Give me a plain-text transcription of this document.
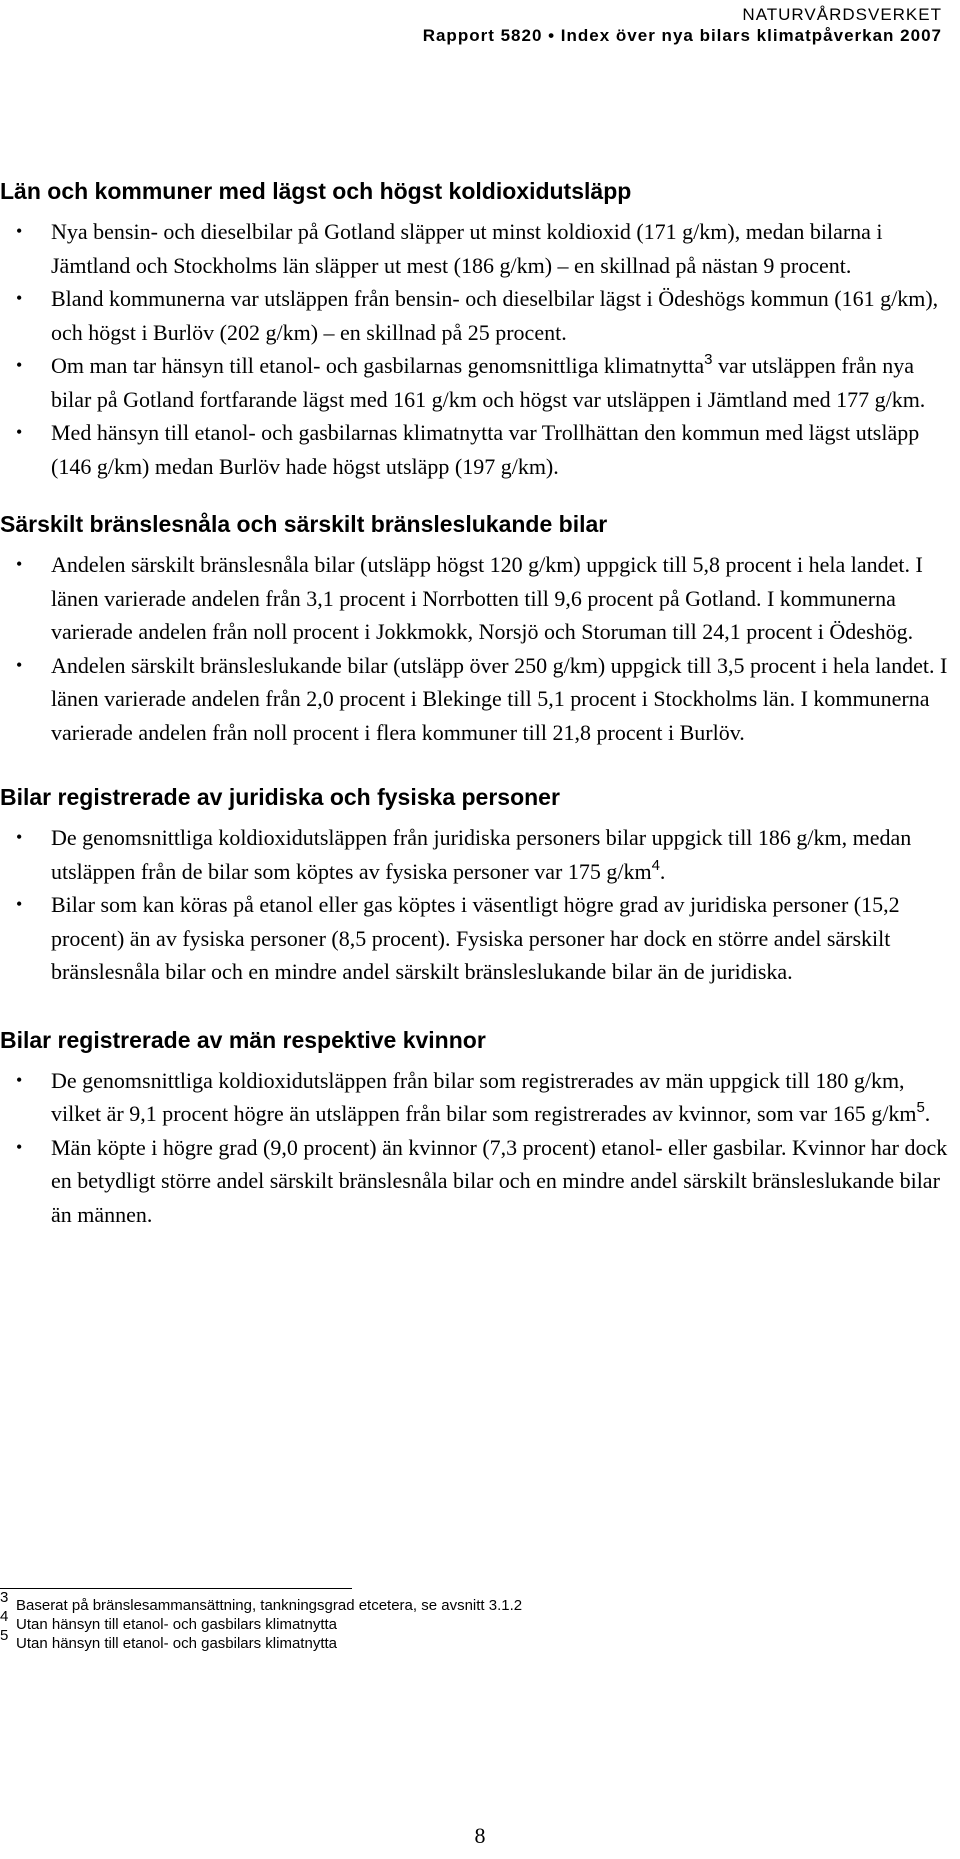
NATURVÅRDSVERKET
Rapport 5820 • Index över nya bilars klimatpåverkan 2007
Län och kommuner med lägst och högst koldioxidutsläpp
• Nya bensin- och dieselbilar på Gotland släpper ut minst koldioxid (171 g/km), medan bilarna i Jämtland och Stockholms län släpper ut mest (186 g/km) – en skillnad på nästan 9 procent.
• Bland kommunerna var utsläppen från bensin- och dieselbilar lägst i Ödeshögs kommun (161 g/km), och högst i Burlöv (202 g/km) – en skillnad på 25 procent.
• Om man tar hänsyn till etanol- och gasbilarnas genomsnittliga klimatnytta$^3$ var utsläppen från nya bilar på Gotland fortfarande lägst med 161 g/km och högst var utsläppen i Jämtland med 177 g/km.
• Med hänsyn till etanol- och gasbilarnas klimatnytta var Trollhättan den kommun med lägst utsläpp (146 g/km) medan Burlöv hade högst utsläpp (197 g/km).
Särskilt bränslesnåla och särskilt bränsleslukande bilar
• Andelen särskilt bränslesnåla bilar (utsläpp högst 120 g/km) uppgick till 5,8 procent i hela landet. I länen varierade andelen från 3,1 procent i Norrbotten till 9,6 procent på Gotland. I kommunerna varierade andelen från noll procent i Jokkmokk, Norsjö och Storuman till 24,1 procent i Ödeshög.
• Andelen särskilt bränsleslukande bilar (utsläpp över 250 g/km) uppgick till 3,5 procent i hela landet. I länen varierade andelen från 2,0 procent i Blekinge till 5,1 procent i Stockholms län. I kommunerna varierade andelen från noll procent i flera kommuner till 21,8 procent i Burlöv.
Bilar registrerade av juridiska och fysiska personer
• De genomsnittliga koldioxidutsläppen från juridiska personers bilar uppgick till 186 g/km, medan utsläppen från de bilar som köptes av fysiska personer var 175 $g/km^4$.
• Bilar som kan köras på etanol eller gas köptes i väsentligt högre grad av juridiska personer (15,2 procent) än av fysiska personer (8,5 procent). Fysiska personer har dock en större andel särskilt bränslesnåla bilar och en mindre andel särskilt bränsleslukande bilar än de juridiska.
Bilar registrerade av män respektive kvinnor
• De genomsnittliga koldioxidutsläppen från bilar som registrerades av män uppgick till 180 g/km, vilket är 9,1 procent högre än utsläppen från bilar som registrerades av kvinnor, som var 165 $g/km^5$.
• Män köpte i högre grad (9,0 procent) än kvinnor (7,3 procent) etanol- eller gasbilar. Kvinnor har dock en betydligt större andel särskilt bränslesnåla bilar och en mindre andel särskilt bränsleslukande bilar än männen.
3 Baserat på bränslesammansättning, tankningsgrad etcetera, se avsnitt 3.1.2
4 Utan hänsyn till etanol- och gasbilars klimatnytta
5 Utan hänsyn till etanol- och gasbilars klimatnytta
8
